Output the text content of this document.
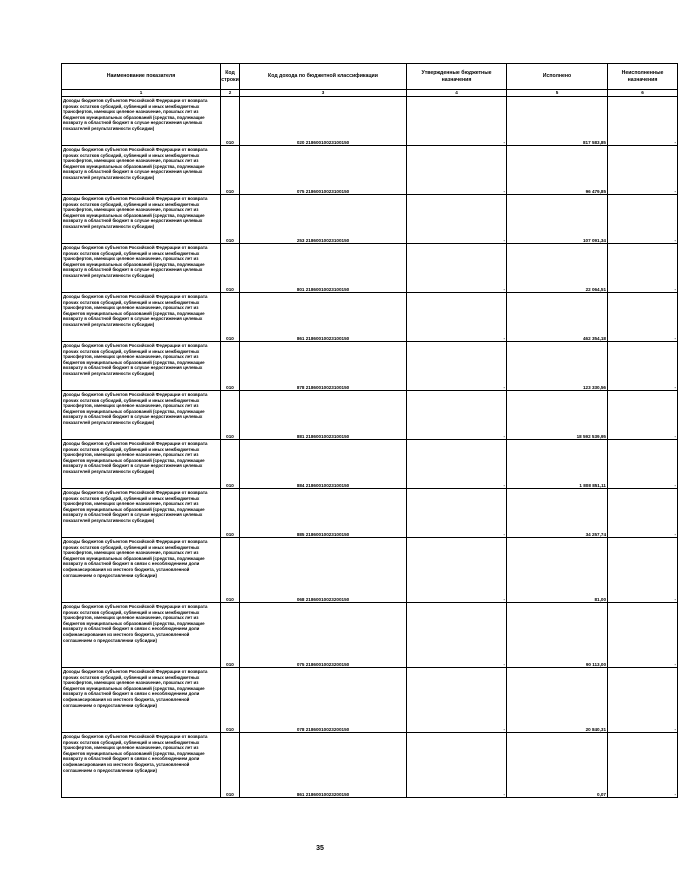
Наименование показателя	Код строки	Код дохода по бюджетной классификации	Утвержденные бюджетные назначения	Исполнено	Неисполненные назначения
1	2	3	4	5	6
Доходы бюджетов субъектов Российской Федерации от возврата прочих остатков субсидий, субвенций и иных межбюджетных трансфертов, имеющих целевое назначение, прошлых лет из бюджетов муниципальных образований (средства, подлежащие возврату в областной бюджет в случае недостижения целевых показателей результативности субсидии)	010	020 21860010023100150	-	817 583,85	-
Доходы бюджетов субъектов Российской Федерации от возврата прочих остатков субсидий, субвенций и иных межбюджетных трансфертов, имеющих целевое назначение, прошлых лет из бюджетов муниципальных образований (средства, подлежащие возврату в областной бюджет в случае недостижения целевых показателей результативности субсидии)	010	075 21860010023100150	-	96 479,85	-
Доходы бюджетов субъектов Российской Федерации от возврата прочих остатков субсидий, субвенций и иных межбюджетных трансфертов, имеющих целевое назначение, прошлых лет из бюджетов муниципальных образований (средства, подлежащие возврату в областной бюджет в случае недостижения целевых показателей результативности субсидии)	010	253 21860010023100150	-	107 091,34	-
Доходы бюджетов субъектов Российской Федерации от возврата прочих остатков субсидий, субвенций и иных межбюджетных трансфертов, имеющих целевое назначение, прошлых лет из бюджетов муниципальных образований (средства, подлежащие возврату в областной бюджет в случае недостижения целевых показателей результативности субсидии)	010	801 21860010023100150	-	22 064,51	-
Доходы бюджетов субъектов Российской Федерации от возврата прочих остатков субсидий, субвенций и иных межбюджетных трансфертов, имеющих целевое назначение, прошлых лет из бюджетов муниципальных образований (средства, подлежащие возврату в областной бюджет в случае недостижения целевых показателей результативности субсидии)	010	861 21860010023100150	-	462 354,18	-
Доходы бюджетов субъектов Российской Федерации от возврата прочих остатков субсидий, субвенций и иных межбюджетных трансфертов, имеющих целевое назначение, прошлых лет из бюджетов муниципальных образований (средства, подлежащие возврату в областной бюджет в случае недостижения целевых показателей результативности субсидии)	010	878 21860010023100150	-	123 330,56	-
Доходы бюджетов субъектов Российской Федерации от возврата прочих остатков субсидий, субвенций и иных межбюджетных трансфертов, имеющих целевое назначение, прошлых лет из бюджетов муниципальных образований (средства, подлежащие возврату в областной бюджет в случае недостижения целевых показателей результативности субсидии)	010	881 21860010023100150	-	18 592 539,95	-
Доходы бюджетов субъектов Российской Федерации от возврата прочих остатков субсидий, субвенций и иных межбюджетных трансфертов, имеющих целевое назначение, прошлых лет из бюджетов муниципальных образований (средства, подлежащие возврату в областной бюджет в случае недостижения целевых показателей результативности субсидии)	010	884 21860010023100150	-	1 808 851,11	-
Доходы бюджетов субъектов Российской Федерации от возврата прочих остатков субсидий, субвенций и иных межбюджетных трансфертов, имеющих целевое назначение, прошлых лет из бюджетов муниципальных образований (средства, подлежащие возврату в областной бюджет в случае недостижения целевых показателей результативности субсидии)	010	885 21860010023100150	-	34 257,74	-
Доходы бюджетов субъектов Российской Федерации от возврата прочих остатков субсидий, субвенций и иных межбюджетных трансфертов, имеющих целевое назначение, прошлых лет из бюджетов муниципальных образований (средства, подлежащие возврату в областной бюджет в связи с несоблюдением доли софинансирования из местного бюджета, установленной соглашением о предоставлении субсидии)	010	068 21860010023200150	-	81,00	-
Доходы бюджетов субъектов Российской Федерации от возврата прочих остатков субсидий, субвенций и иных межбюджетных трансфертов, имеющих целевое назначение, прошлых лет из бюджетов муниципальных образований (средства, подлежащие возврату в областной бюджет в связи с несоблюдением доли софинансирования из местного бюджета, установленной соглашением о предоставлении субсидии)	010	075 21860010023200150	-	90 113,00	-
Доходы бюджетов субъектов Российской Федерации от возврата прочих остатков субсидий, субвенций и иных межбюджетных трансфертов, имеющих целевое назначение, прошлых лет из бюджетов муниципальных образований (средства, подлежащие возврату в областной бюджет в связи с несоблюдением доли софинансирования из местного бюджета, установленной соглашением о предоставлении субсидии)	010	078 21860010023200150	-	20 840,31	-
Доходы бюджетов субъектов Российской Федерации от возврата прочих остатков субсидий, субвенций и иных межбюджетных трансфертов, имеющих целевое назначение, прошлых лет из бюджетов муниципальных образований (средства, подлежащие возврату в областной бюджет в связи с несоблюдением доли софинансирования из местного бюджета, установленной соглашением о предоставлении субсидии)	010	861 21860010023200150	-	0,07	-
35
